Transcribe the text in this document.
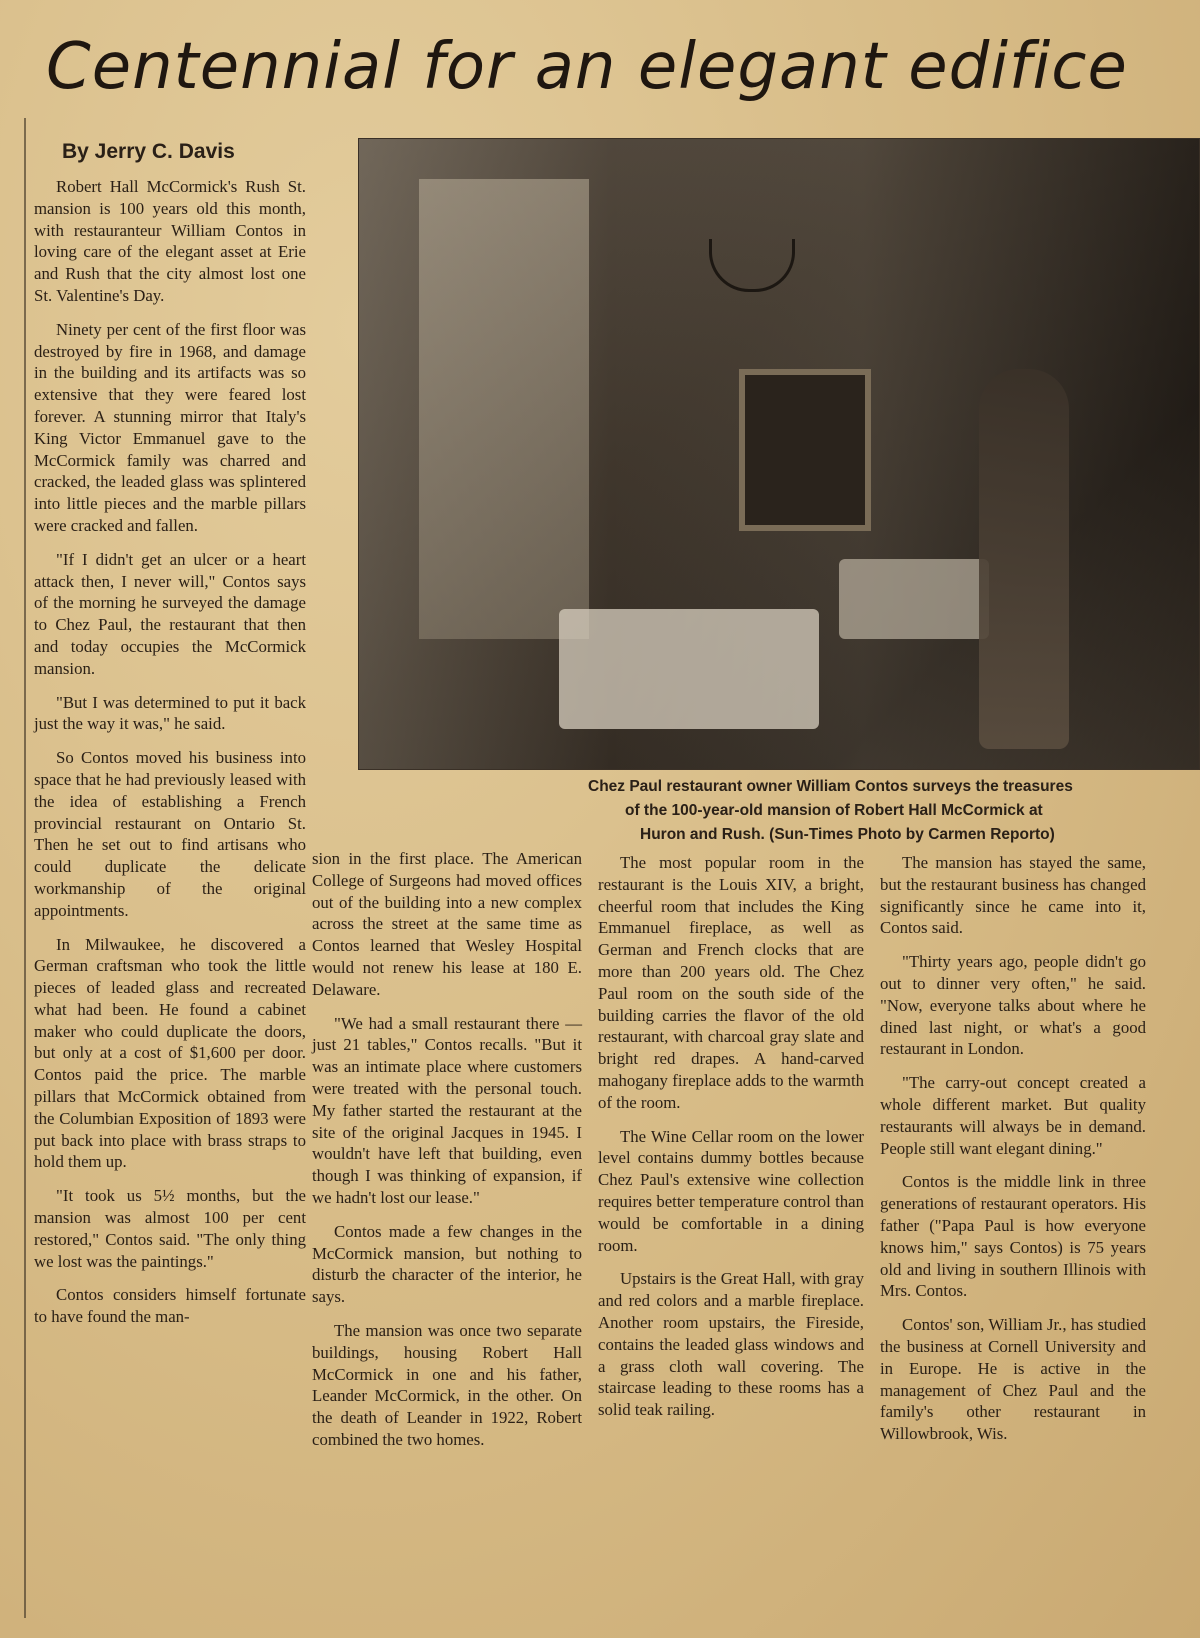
Centennial for an elegant edifice
By Jerry C. Davis
Chez Paul restaurant owner William Contos surveys the treasures
of the 100-year-old mansion of Robert Hall McCormick at
Huron and Rush. (Sun-Times Photo by Carmen Reporto)

Robert Hall McCormick's Rush St. mansion is 100 years old this month, with restauranteur William Contos in loving care of the elegant asset at Erie and Rush that the city almost lost one St. Valentine's Day.

Ninety per cent of the first floor was destroyed by fire in 1968, and damage in the building and its artifacts was so extensive that they were feared lost forever. A stunning mirror that Italy's King Victor Emmanuel gave to the McCormick family was charred and cracked, the leaded glass was splintered into little pieces and the marble pillars were cracked and fallen.

"If I didn't get an ulcer or a heart attack then, I never will," Contos says of the morning he surveyed the damage to Chez Paul, the restaurant that then and today occupies the McCormick mansion.

"But I was determined to put it back just the way it was," he said.

So Contos moved his business into space that he had previously leased with the idea of establishing a French provincial restaurant on Ontario St. Then he set out to find artisans who could duplicate the delicate workmanship of the original appointments.

In Milwaukee, he discovered a German craftsman who took the little pieces of leaded glass and recreated what had been. He found a cabinet maker who could duplicate the doors, but only at a cost of $1,600 per door. Contos paid the price. The marble pillars that McCormick obtained from the Columbian Exposition of 1893 were put back into place with brass straps to hold them up.

"It took us 5½ months, but the mansion was almost 100 per cent restored," Contos said. "The only thing we lost was the paintings."

Contos considers himself fortunate to have found the man-

sion in the first place. The American College of Surgeons had moved offices out of the building into a new complex across the street at the same time as Contos learned that Wesley Hospital would not renew his lease at 180 E. Delaware.

"We had a small restaurant there — just 21 tables," Contos recalls. "But it was an intimate place where customers were treated with the personal touch. My father started the restaurant at the site of the original Jacques in 1945. I wouldn't have left that building, even though I was thinking of expansion, if we hadn't lost our lease."

Contos made a few changes in the McCormick mansion, but nothing to disturb the character of the interior, he says.

The mansion was once two separate buildings, housing Robert Hall McCormick in one and his father, Leander McCormick, in the other. On the death of Leander in 1922, Robert combined the two homes.

The most popular room in the restaurant is the Louis XIV, a bright, cheerful room that includes the King Emmanuel fireplace, as well as German and French clocks that are more than 200 years old. The Chez Paul room on the south side of the building carries the flavor of the old restaurant, with charcoal gray slate and bright red drapes. A hand-carved mahogany fireplace adds to the warmth of the room.

The Wine Cellar room on the lower level contains dummy bottles because Chez Paul's extensive wine collection requires better temperature control than would be comfortable in a dining room.

Upstairs is the Great Hall, with gray and red colors and a marble fireplace. Another room upstairs, the Fireside, contains the leaded glass windows and a grass cloth wall covering. The staircase leading to these rooms has a solid teak railing.

The mansion has stayed the same, but the restaurant business has changed significantly since he came into it, Contos said.

"Thirty years ago, people didn't go out to dinner very often," he said. "Now, everyone talks about where he dined last night, or what's a good restaurant in London.

"The carry-out concept created a whole different market. But quality restaurants will always be in demand. People still want elegant dining."

Contos is the middle link in three generations of restaurant operators. His father ("Papa Paul is how everyone knows him," says Contos) is 75 years old and living in southern Illinois with Mrs. Contos.

Contos' son, William Jr., has studied the business at Cornell University and in Europe. He is active in the management of Chez Paul and the family's other restaurant in Willowbrook, Wis.
